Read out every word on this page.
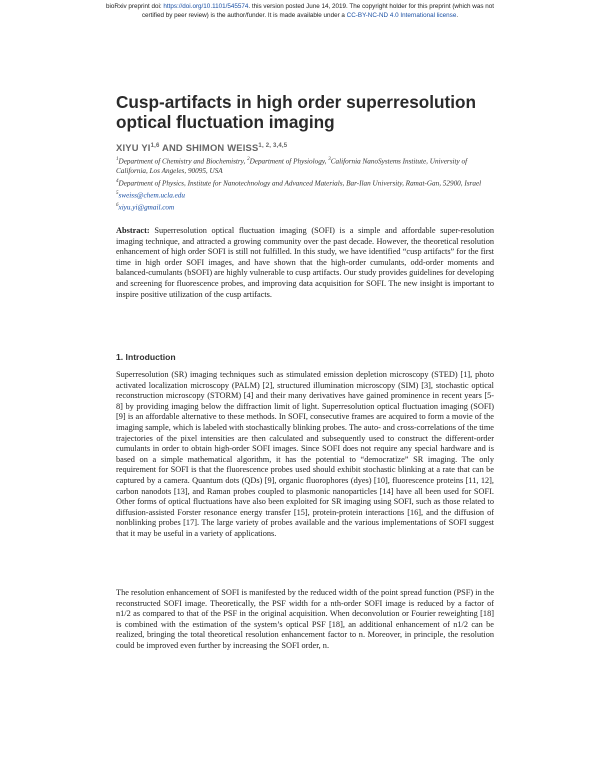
bioRxiv preprint doi: https://doi.org/10.1101/545574. this version posted June 14, 2019. The copyright holder for this preprint (which was not
certified by peer review) is the author/funder. It is made available under a CC-BY-NC-ND 4.0 International license.
Cusp-artifacts in high order superresolution optical fluctuation imaging
XIYU YI$^{1,6}$ AND SHIMON WEISS$^{1, 2, 3,4,5}$
$^1$Department of Chemistry and Biochemistry, $^2$Department of Physiology, $^3$California NanoSystems Institute, University of California, Los Angeles, 90095, USA
$^4$Department of Physics, Institute for Nanotechnology and Advanced Materials, Bar-Ilan University, Ramat-Gan, 52900, Israel
$^5$sweiss@chem.ucla.edu
$^6$xiyu.yi@gmail.com
Abstract: Superresolution optical fluctuation imaging (SOFI) is a simple and affordable super-resolution imaging technique, and attracted a growing community over the past decade. However, the theoretical resolution enhancement of high order SOFI is still not fulfilled. In this study, we have identified “cusp artifacts” for the first time in high order SOFI images, and have shown that the high-order cumulants, odd-order moments and balanced-cumulants (bSOFI) are highly vulnerable to cusp artifacts. Our study provides guidelines for developing and screening for fluorescence probes, and improving data acquisition for SOFI. The new insight is important to inspire positive utilization of the cusp artifacts.
1. Introduction
Superresolution (SR) imaging techniques such as stimulated emission depletion microscopy (STED) [1], photo activated localization microscopy (PALM) [2], structured illumination microscopy (SIM) [3], stochastic optical reconstruction microscopy (STORM) [4] and their many derivatives have gained prominence in recent years [5-8] by providing imaging below the diffraction limit of light. Superresolution optical fluctuation imaging (SOFI) [9] is an affordable alternative to these methods. In SOFI, consecutive frames are acquired to form a movie of the imaging sample, which is labeled with stochastically blinking probes. The auto- and cross-correlations of the time trajectories of the pixel intensities are then calculated and subsequently used to construct the different-order cumulants in order to obtain high-order SOFI images. Since SOFI does not require any special hardware and is based on a simple mathematical algorithm, it has the potential to “democratize” SR imaging. The only requirement for SOFI is that the fluorescence probes used should exhibit stochastic blinking at a rate that can be captured by a camera. Quantum dots (QDs) [9], organic fluorophores (dyes) [10], fluorescence proteins [11, 12], carbon nanodots [13], and Raman probes coupled to plasmonic nanoparticles [14] have all been used for SOFI. Other forms of optical fluctuations have also been exploited for SR imaging using SOFI, such as those related to diffusion-assisted Forster resonance energy transfer [15], protein-protein interactions [16], and the diffusion of nonblinking probes [17]. The large variety of probes available and the various implementations of SOFI suggest that it may be useful in a variety of applications.
The resolution enhancement of SOFI is manifested by the reduced width of the point spread function (PSF) in the reconstructed SOFI image. Theoretically, the PSF width for a nth-order SOFI image is reduced by a factor of n1/2 as compared to that of the PSF in the original acquisition. When deconvolution or Fourier reweighting [18] is combined with the estimation of the system’s optical PSF [18], an additional enhancement of n1/2 can be realized, bringing the total theoretical resolution enhancement factor to n. Moreover, in principle, the resolution could be improved even further by increasing the SOFI order, n.
